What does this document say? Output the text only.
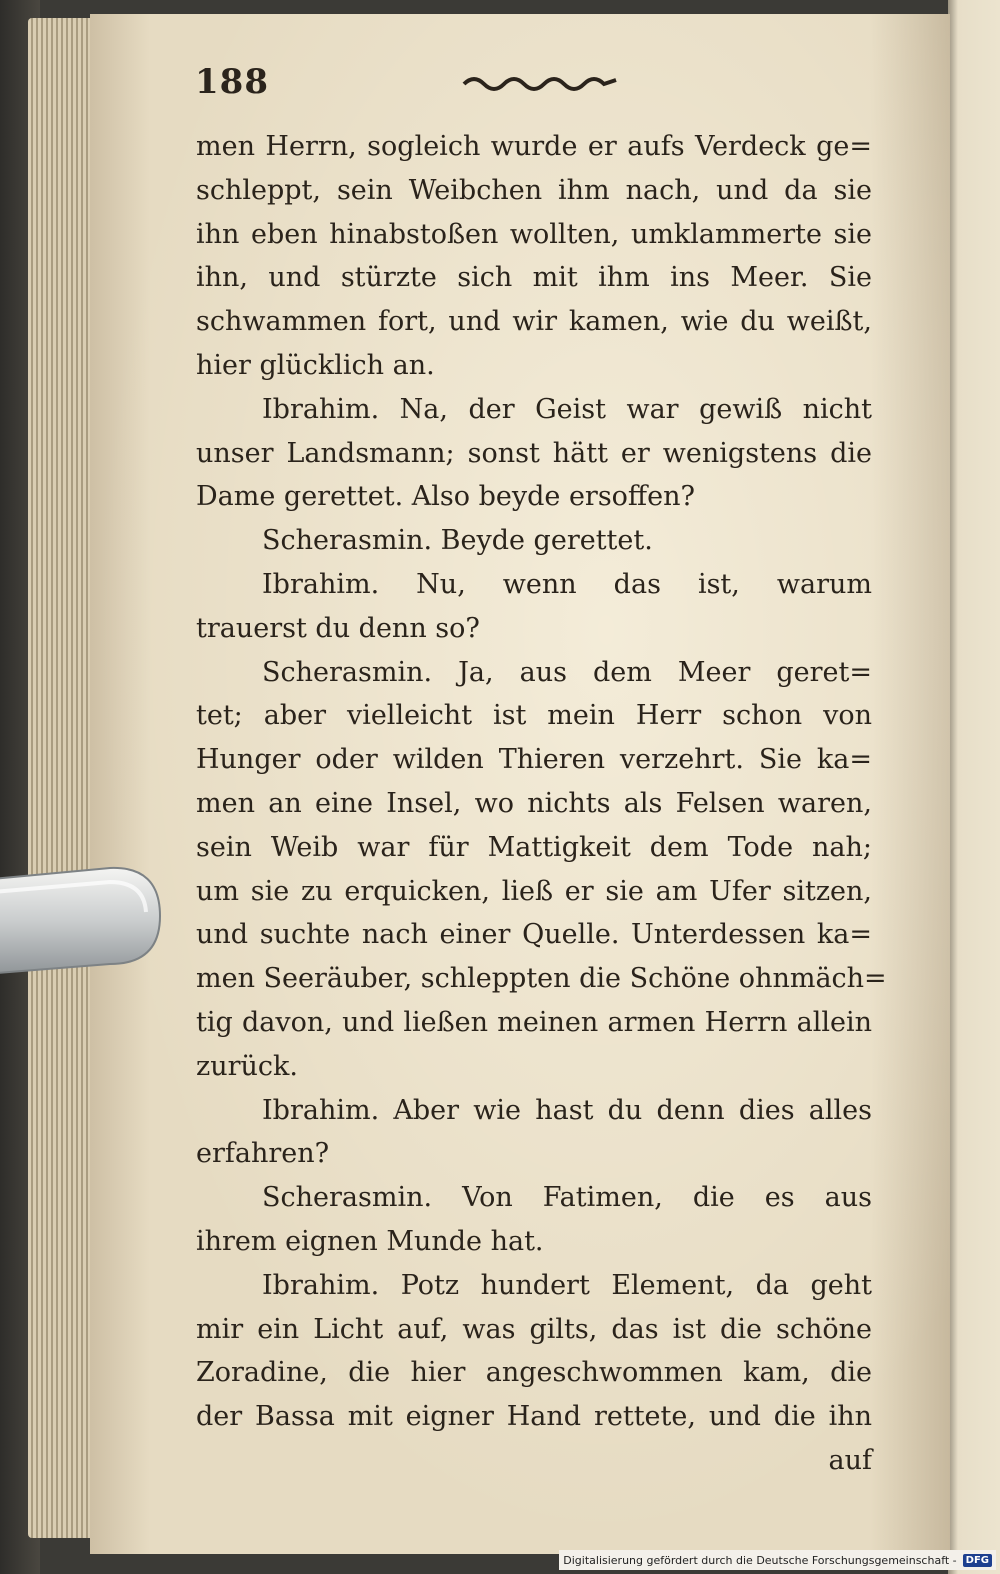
188
men Herrn, sogleich wurde er aufs Verdeck ge=
schleppt, sein Weibchen ihm nach, und da sie
ihn eben hinabstoßen wollten, umklammerte sie
ihn, und stürzte sich mit ihm ins Meer. Sie
schwammen fort, und wir kamen, wie du weißt,
hier glücklich an.
Ibrahim. Na, der Geist war gewiß nicht
unser Landsmann; sonst hätt er wenigstens die
Dame gerettet. Also beyde ersoffen?
Scherasmin. Beyde gerettet.
Ibrahim. Nu, wenn das ist, warum
trauerst du denn so?
Scherasmin. Ja, aus dem Meer geret=
tet; aber vielleicht ist mein Herr schon von
Hunger oder wilden Thieren verzehrt. Sie ka=
men an eine Insel, wo nichts als Felsen waren,
sein Weib war für Mattigkeit dem Tode nah;
um sie zu erquicken, ließ er sie am Ufer sitzen,
und suchte nach einer Quelle. Unterdessen ka=
men Seeräuber, schleppten die Schöne ohnmäch=
tig davon, und ließen meinen armen Herrn allein
zurück.
Ibrahim. Aber wie hast du denn dies alles
erfahren?
Scherasmin. Von Fatimen, die es aus
ihrem eignen Munde hat.
Ibrahim. Potz hundert Element, da geht
mir ein Licht auf, was gilts, das ist die schöne
Zoradine, die hier angeschwommen kam, die
der Bassa mit eigner Hand rettete, und die ihn
auf
Digitalisierung gefördert durch die Deutsche Forschungsgemeinschaft - DFG
